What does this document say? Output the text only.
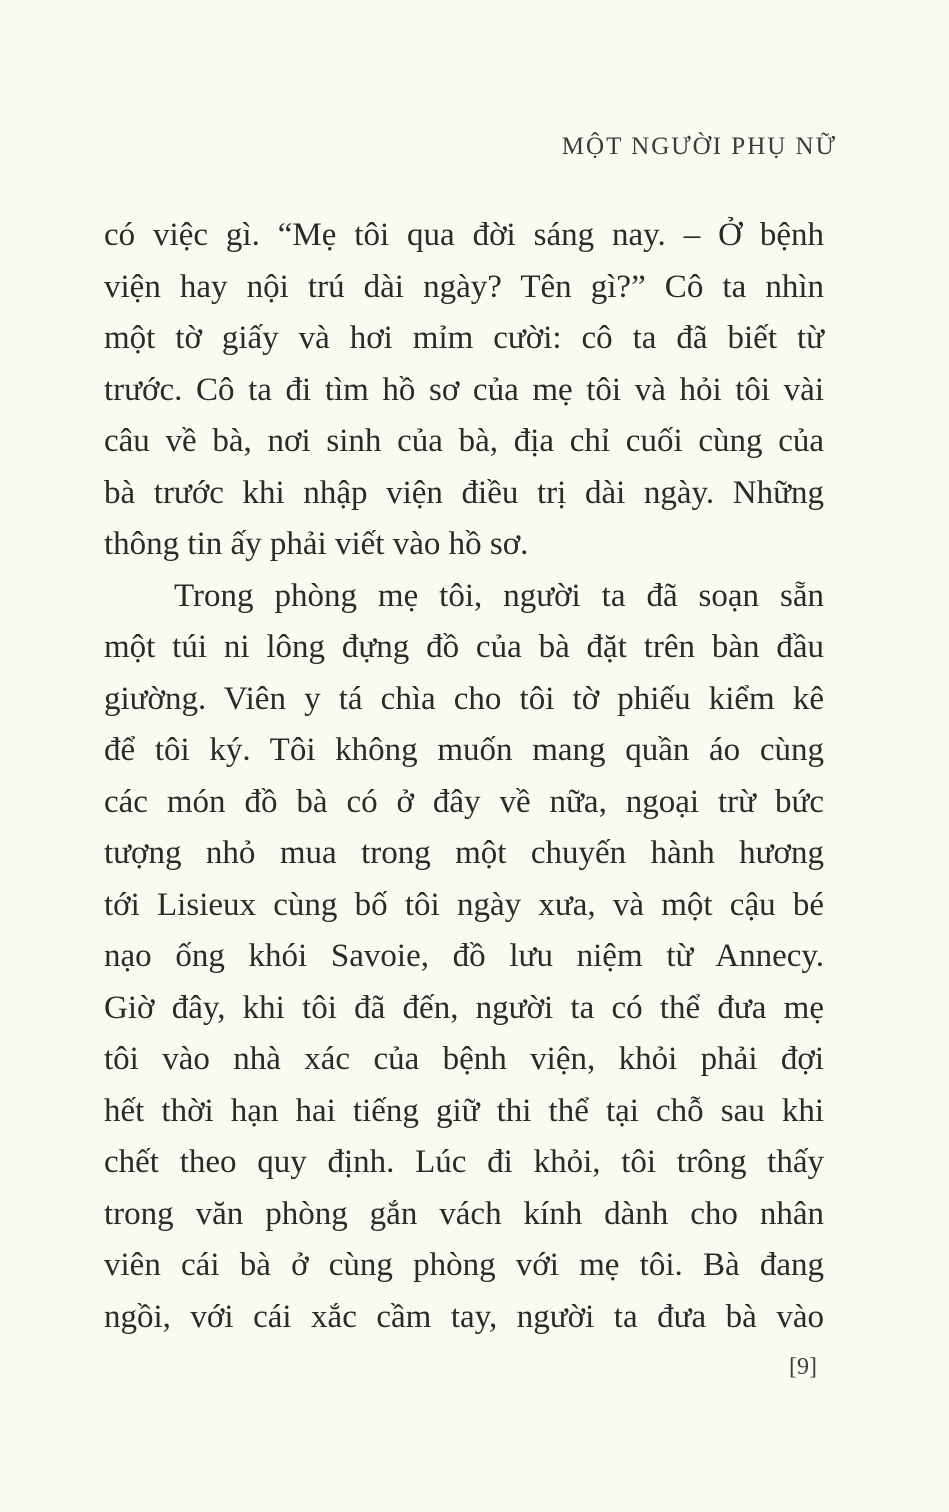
MỘT NGƯỜI PHỤ NỮ
có việc gì. “Mẹ tôi qua đời sáng nay. – Ở bệnh
viện hay nội trú dài ngày? Tên gì?” Cô ta nhìn
một tờ giấy và hơi mỉm cười: cô ta đã biết từ
trước. Cô ta đi tìm hồ sơ của mẹ tôi và hỏi tôi vài
câu về bà, nơi sinh của bà, địa chỉ cuối cùng của
bà trước khi nhập viện điều trị dài ngày. Những
thông tin ấy phải viết vào hồ sơ.
Trong phòng mẹ tôi, người ta đã soạn sẵn
một túi ni lông đựng đồ của bà đặt trên bàn đầu
giường. Viên y tá chìa cho tôi tờ phiếu kiểm kê
để tôi ký. Tôi không muốn mang quần áo cùng
các món đồ bà có ở đây về nữa, ngoại trừ bức
tượng nhỏ mua trong một chuyến hành hương
tới Lisieux cùng bố tôi ngày xưa, và một cậu bé
nạo ống khói Savoie, đồ lưu niệm từ Annecy.
Giờ đây, khi tôi đã đến, người ta có thể đưa mẹ
tôi vào nhà xác của bệnh viện, khỏi phải đợi
hết thời hạn hai tiếng giữ thi thể tại chỗ sau khi
chết theo quy định. Lúc đi khỏi, tôi trông thấy
trong văn phòng gắn vách kính dành cho nhân
viên cái bà ở cùng phòng với mẹ tôi. Bà đang
ngồi, với cái xắc cầm tay, người ta đưa bà vào
[9]
